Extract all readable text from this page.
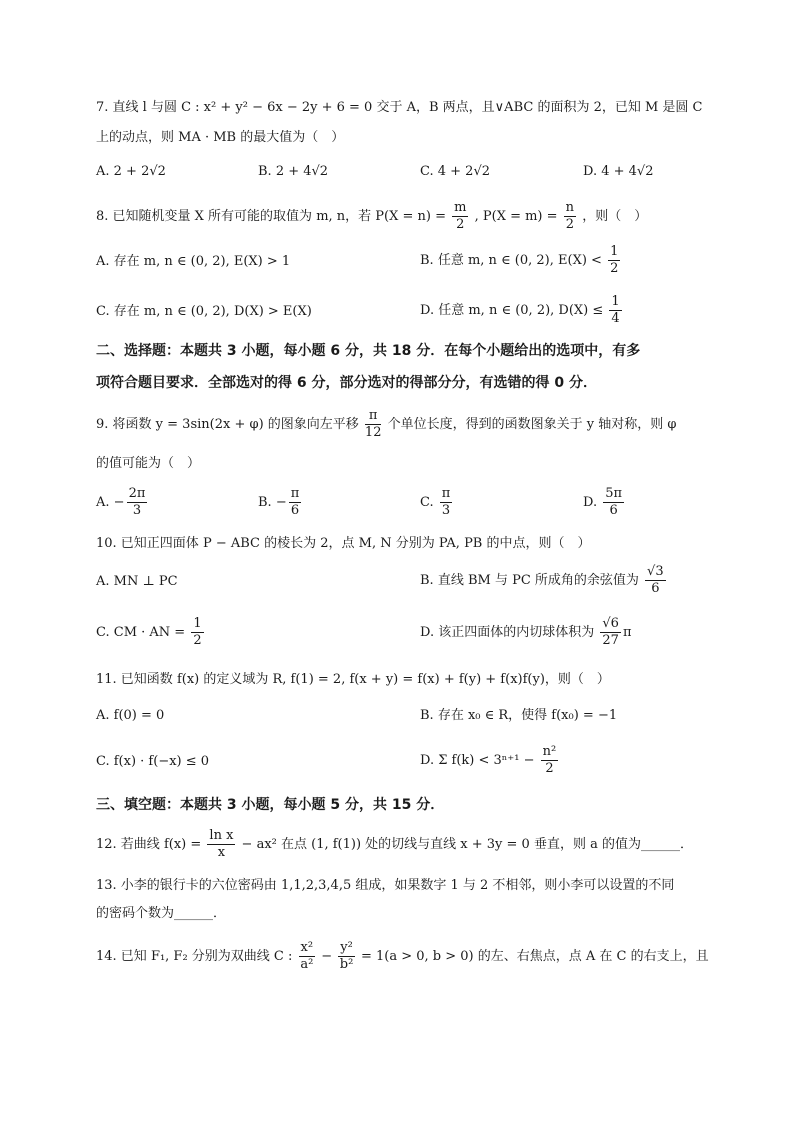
7. 直线 l 与圆 C : x² + y² − 6x − 2y + 6 = 0 交于 A，B 两点，且∨ABC 的面积为 2，已知 M 是圆 C
上的动点，则 MA · MB 的最大值为（　）
A. 2 + 2√2	B. 2 + 4√2	C. 4 + 2√2	D. 4 + 4√2
8. 已知随机变量 X 所有可能的取值为 m, n，若 $P(X = n) = \frac{m}{2}$ , $P(X = m) = \frac{n}{2}$ ，则（　）
A. 存在 m, n ∈ (0, 2), E(X) > 1	B. 任意 m, n ∈ (0, 2), $E(X) < \frac{1}{2}$
C. 存在 m, n ∈ (0, 2), D(X) > E(X)	D. 任意 m, n ∈ (0, 2), $D(X) \le \frac{1}{4}$
二、选择题：本题共 3 小题，每小题 6 分，共 18 分．在每个小题给出的选项中，有多
项符合题目要求．全部选对的得 6 分，部分选对的得部分分，有选错的得 0 分．
9. 将函数 y = 3sin(2x + φ) 的图象向左平移 $\frac{\pi}{12}$ 个单位长度，得到的函数图象关于 y 轴对称，则 φ
的值可能为（　）
A. − $\frac{2\pi}{3}$	B. − $\frac{\pi}{6}$	C. $\frac{\pi}{3}$	D. $\frac{5\pi}{6}$
10. 已知正四面体 P − ABC 的棱长为 2，点 M, N 分别为 PA, PB 的中点，则（　）
A. MN ⊥ PC	B. 直线 BM 与 PC 所成角的余弦值为 $\frac{√3}{6}$
C. CM · AN = $\frac{1}{2}$	D. 该正四面体的内切球体积为 $\frac{√6}{27}$ π
11. 已知函数 f(x) 的定义域为 R, f(1) = 2, f(x + y) = f(x) + f(y) + f(x)f(y)，则（　）
A. f(0) = 0	B. 存在 x₀ ∈ R，使得 f(x₀) = −1
C. f(x) · f(−x) ≤ 0	D. Σ $f(k) < 3^{n+1} - \frac{\text{n²}}{2}$
三、填空题：本题共 3 小题，每小题 5 分，共 15 分．
12. 若曲线 $f(x) = \frac{\text{ln x}}{x} - ax^2$ 在点 (1, f(1)) 处的切线与直线 x + 3y = 0 垂直，则 a 的值为______．
13. 小李的银行卡的六位密码由 1,1,2,3,4,5 组成，如果数字 1 与 2 不相邻，则小李可以设置的不同
的密码个数为______．
14. 已知 F₁, F₂ 分别为双曲线 C : $\frac{\text{x²}}{\text{a²}} - \frac{\text{y²}}{\text{b²}} = 1(a > 0$, b > 0) 的左、右焦点，点 A 在 C 的右支上，且
